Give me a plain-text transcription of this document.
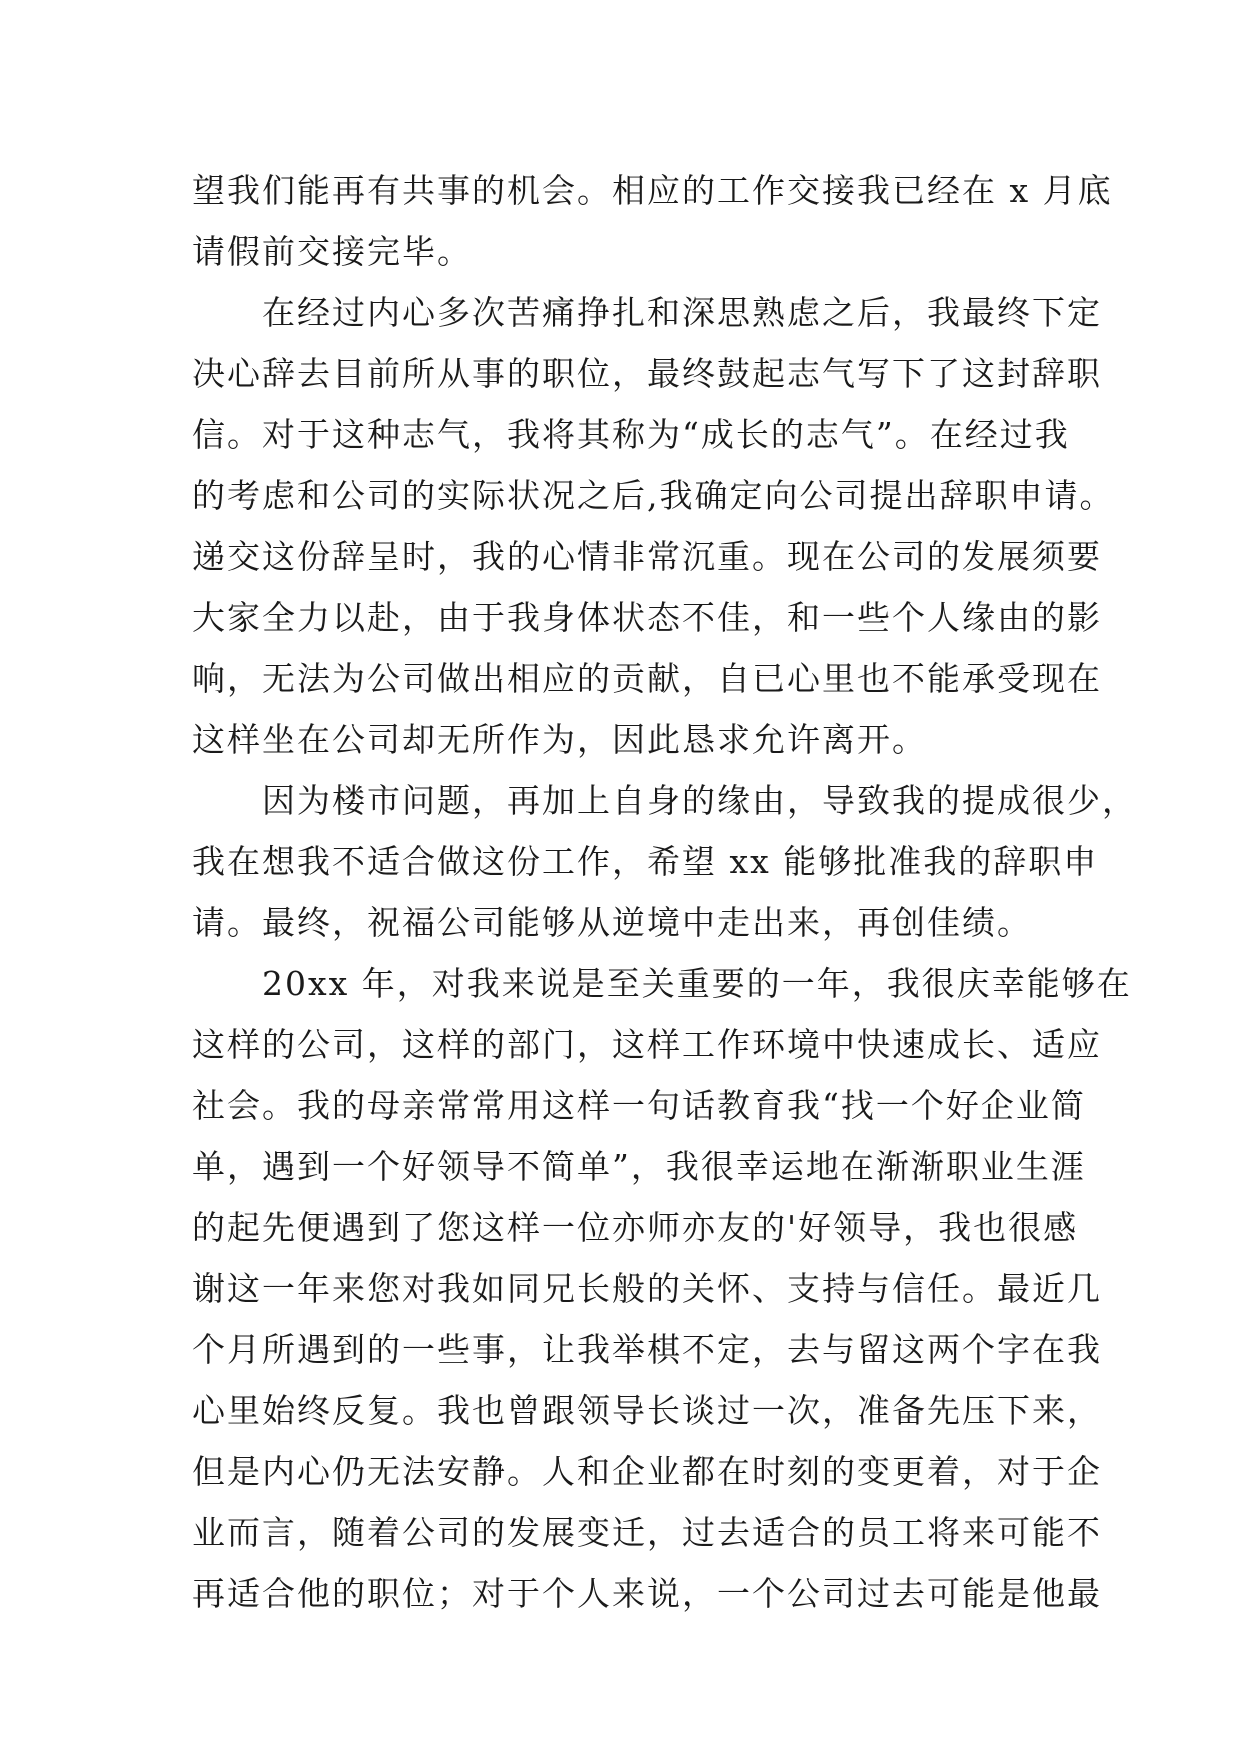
望我们能再有共事的机会。相应的工作交接我已经在 x 月底
请假前交接完毕。
　　在经过内心多次苦痛挣扎和深思熟虑之后，我最终下定
决心辞去目前所从事的职位，最终鼓起志气写下了这封辞职
信。对于这种志气，我将其称为“成长的志气”。在经过我
的考虑和公司的实际状况之后,我确定向公司提出辞职申请。
递交这份辞呈时，我的心情非常沉重。现在公司的发展须要
大家全力以赴，由于我身体状态不佳，和一些个人缘由的影
响，无法为公司做出相应的贡献，自已心里也不能承受现在
这样坐在公司却无所作为，因此恳求允许离开。
　　因为楼市问题，再加上自身的缘由，导致我的提成很少，
我在想我不适合做这份工作，希望 xx 能够批准我的辞职申
请。最终，祝福公司能够从逆境中走出来，再创佳绩。
　　20xx 年，对我来说是至关重要的一年，我很庆幸能够在
这样的公司，这样的部门，这样工作环境中快速成长、适应
社会。我的母亲常常用这样一句话教育我“找一个好企业简
单，遇到一个好领导不简单”，我很幸运地在渐渐职业生涯
的起先便遇到了您这样一位亦师亦友的'好领导，我也很感
谢这一年来您对我如同兄长般的关怀、支持与信任。最近几
个月所遇到的一些事，让我举棋不定，去与留这两个字在我
心里始终反复。我也曾跟领导长谈过一次，准备先压下来，
但是内心仍无法安静。人和企业都在时刻的变更着，对于企
业而言，随着公司的发展变迁，过去适合的员工将来可能不
再适合他的职位；对于个人来说，一个公司过去可能是他最
